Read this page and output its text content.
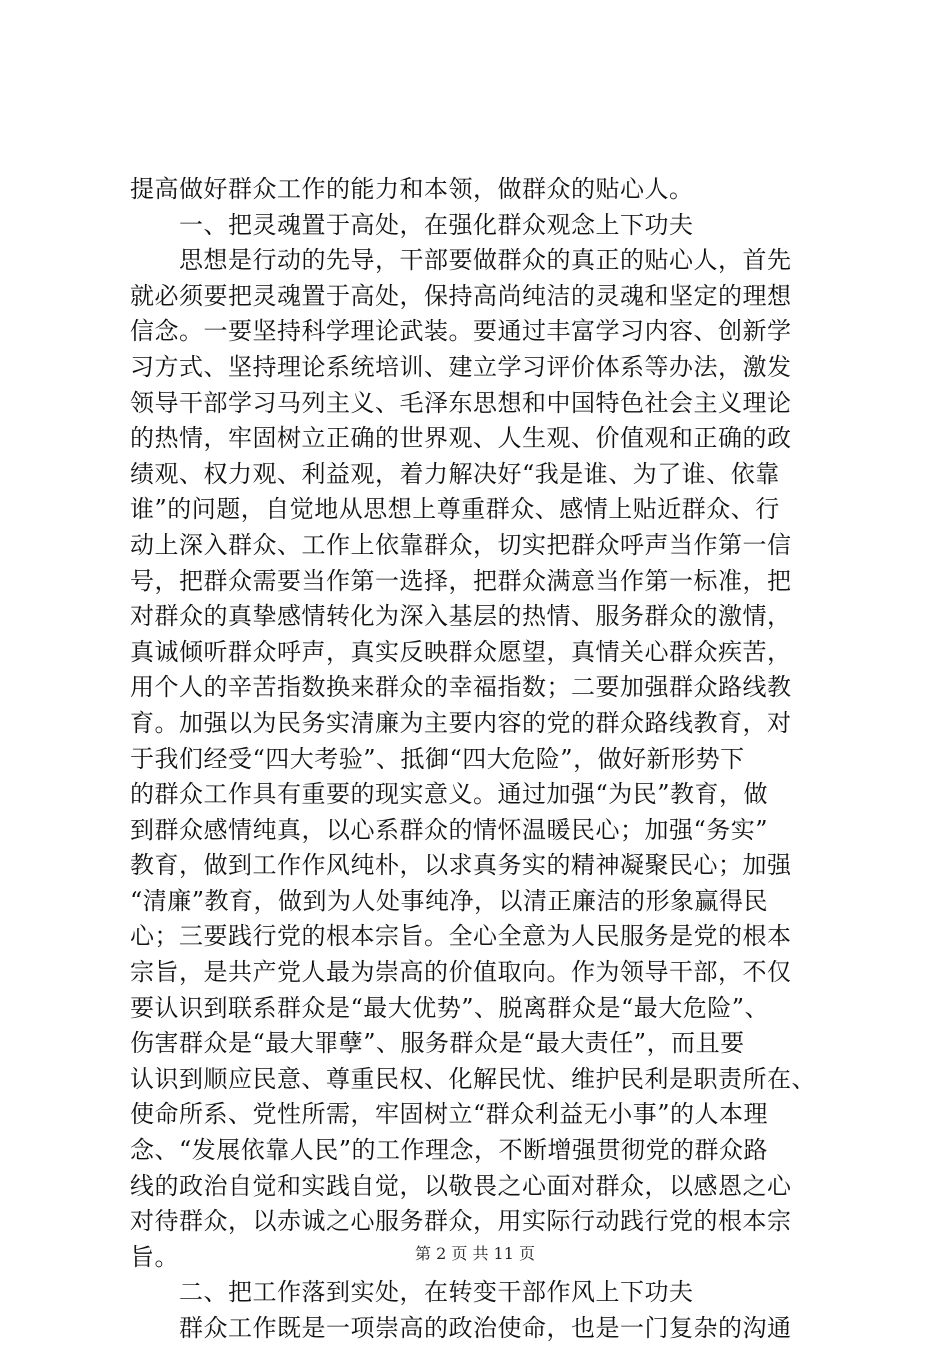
提高做好群众工作的能力和本领，做群众的贴心人。
　　一、把灵魂置于高处，在强化群众观念上下功夫
　　思想是行动的先导，干部要做群众的真正的贴心人，首先
就必须要把灵魂置于高处，保持高尚纯洁的灵魂和坚定的理想
信念。一要坚持科学理论武装。要通过丰富学习内容、创新学
习方式、坚持理论系统培训、建立学习评价体系等办法，激发
领导干部学习马列主义、毛泽东思想和中国特色社会主义理论
的热情，牢固树立正确的世界观、人生观、价值观和正确的政
绩观、权力观、利益观，着力解决好“我是谁、为了谁、依靠
谁”的问题，自觉地从思想上尊重群众、感情上贴近群众、行
动上深入群众、工作上依靠群众，切实把群众呼声当作第一信
号，把群众需要当作第一选择，把群众满意当作第一标准，把
对群众的真挚感情转化为深入基层的热情、服务群众的激情，
真诚倾听群众呼声，真实反映群众愿望，真情关心群众疾苦，
用个人的辛苦指数换来群众的幸福指数；二要加强群众路线教
育。加强以为民务实清廉为主要内容的党的群众路线教育，对
于我们经受“四大考验”、抵御“四大危险”，做好新形势下
的群众工作具有重要的现实意义。通过加强“为民”教育，做
到群众感情纯真，以心系群众的情怀温暖民心；加强“务实”
教育，做到工作作风纯朴，以求真务实的精神凝聚民心；加强
“清廉”教育，做到为人处事纯净，以清正廉洁的形象赢得民
心；三要践行党的根本宗旨。全心全意为人民服务是党的根本
宗旨，是共产党人最为崇高的价值取向。作为领导干部，不仅
要认识到联系群众是“最大优势”、脱离群众是“最大危险”、
伤害群众是“最大罪孽”、服务群众是“最大责任”，而且要
认识到顺应民意、尊重民权、化解民忧、维护民利是职责所在、
使命所系、党性所需，牢固树立“群众利益无小事”的人本理
念、“发展依靠人民”的工作理念，不断增强贯彻党的群众路
线的政治自觉和实践自觉，以敬畏之心面对群众，以感恩之心
对待群众，以赤诚之心服务群众，用实际行动践行党的根本宗
旨。
　　二、把工作落到实处，在转变干部作风上下功夫
　　群众工作既是一项崇高的政治使命，也是一门复杂的沟通
第 2 页 共 11 页
